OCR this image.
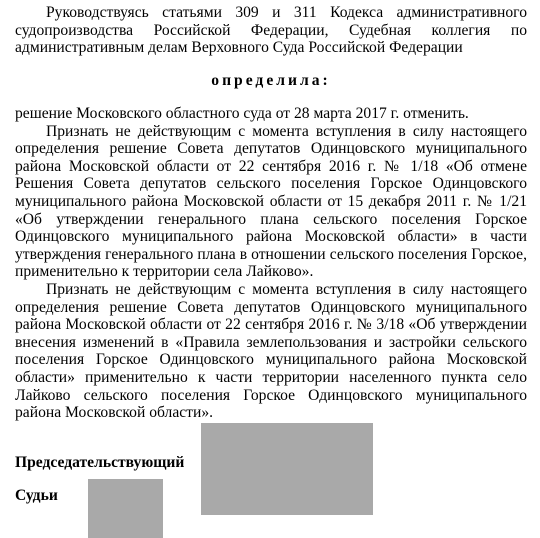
Руководствуясь статьями 309 и 311 Кодекса административного судопроизводства Российской Федерации, Судебная коллегия по административным делам Верховного Суда Российской Федерации

определила:

решение Московского областного суда от 28 марта 2017 г. отменить.

Признать не действующим с момента вступления в силу настоящего определения решение Совета депутатов Одинцовского муниципального района Московской области от 22 сентября 2016 г. № 1/18 «Об отмене Решения Совета депутатов сельского поселения Горское Одинцовского муниципального района Московской области от 15 декабря 2011 г. № 1/21 «Об утверждении генерального плана сельского поселения Горское Одинцовского муниципального района Московской области» в части утверждения генерального плана в отношении сельского поселения Горское, применительно к территории села Лайково».

Признать не действующим с момента вступления в силу настоящего определения решение Совета депутатов Одинцовского муниципального района Московской области от 22 сентября 2016 г. № 3/18 «Об утверждении внесения изменений в «Правила землепользования и застройки сельского поселения Горское Одинцовского муниципального района Московской области» применительно к части территории населенного пункта село Лайково сельского поселения Горское Одинцовского муниципального района Московской области».

Председательствующий

Судьи
